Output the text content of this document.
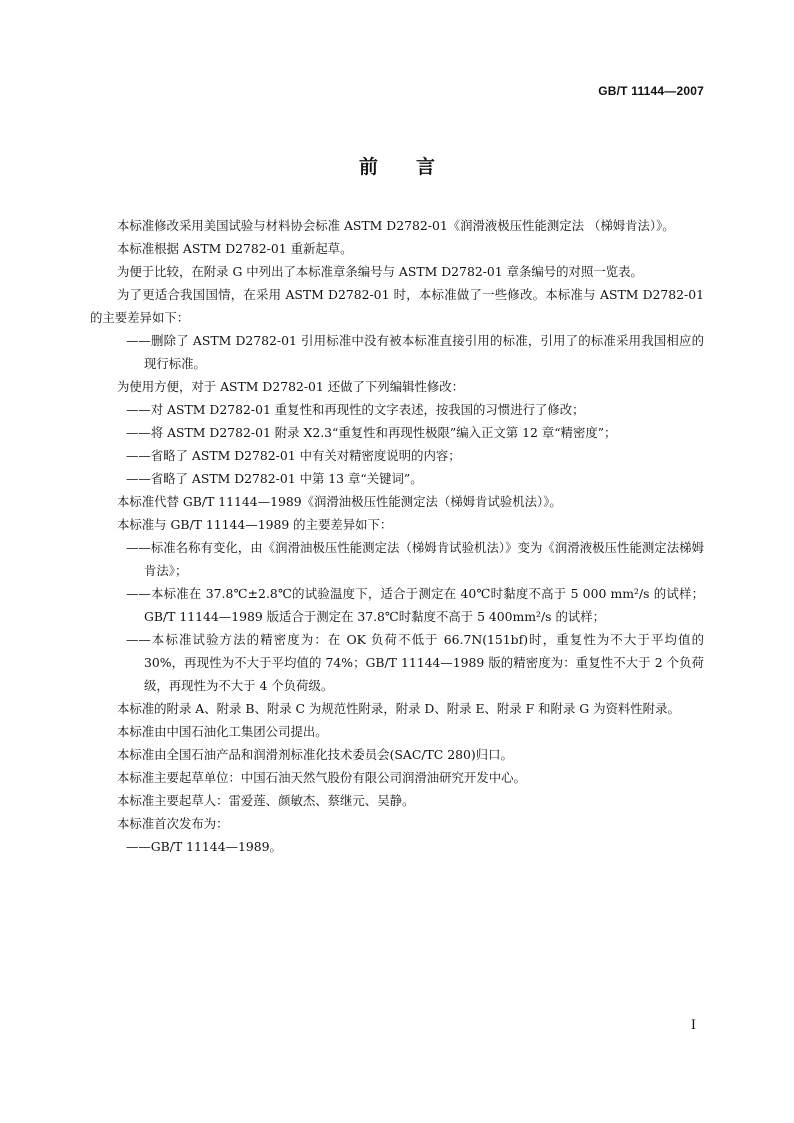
GB/T 11144—2007
前言

本标准修改采用美国试验与材料协会标准 ASTM D2782-01《润滑液极压性能测定法 （梯姆肯法）》。

本标准根据 ASTM D2782-01 重新起草。

为便于比较，在附录 G 中列出了本标准章条编号与 ASTM D2782-01 章条编号的对照一览表。

为了更适合我国国情，在采用 ASTM D2782-01 时，本标准做了一些修改。本标准与 ASTM D2782-01 的主要差异如下：

——删除了 ASTM D2782-01 引用标准中没有被本标准直接引用的标准，引用了的标准采用我国相应的现行标准。

为使用方便，对于 ASTM D2782-01 还做了下列编辑性修改：

——对 ASTM D2782-01 重复性和再现性的文字表述，按我国的习惯进行了修改；

——将 ASTM D2782-01 附录 X2.3“重复性和再现性极限”编入正文第 12 章“精密度”；

——省略了 ASTM D2782-01 中有关对精密度说明的内容；

——省略了 ASTM D2782-01 中第 13 章“关键词”。

本标准代替 GB/T 11144—1989《润滑油极压性能测定法（梯姆肯试验机法）》。

本标准与 GB/T 11144—1989 的主要差异如下：

——标准名称有变化，由《润滑油极压性能测定法（梯姆肯试验机法）》变为《润滑液极压性能测定法梯姆肯法》；

——本标准在 37.8℃±2.8℃的试验温度下，适合于测定在 40℃时黏度不高于 5 000 mm²/s 的试样；GB/T 11144—1989 版适合于测定在 37.8℃时黏度不高于 5 400mm²/s 的试样；

——本标准试验方法的精密度为：在 OK 负荷不低于 66.7N(151bf)时，重复性为不大于平均值的 30%，再现性为不大于平均值的 74%；GB/T 11144—1989 版的精密度为：重复性不大于 2 个负荷级，再现性为不大于 4 个负荷级。

本标准的附录 A、附录 B、附录 C 为规范性附录，附录 D、附录 E、附录 F 和附录 G 为资料性附录。

本标准由中国石油化工集团公司提出。

本标准由全国石油产品和润滑剂标准化技术委员会(SAC/TC 280)归口。

本标准主要起草单位：中国石油天然气股份有限公司润滑油研究开发中心。

本标准主要起草人：雷爱莲、颜敏杰、蔡继元、吴静。

本标准首次发布为：

——GB/T 11144—1989。

I
